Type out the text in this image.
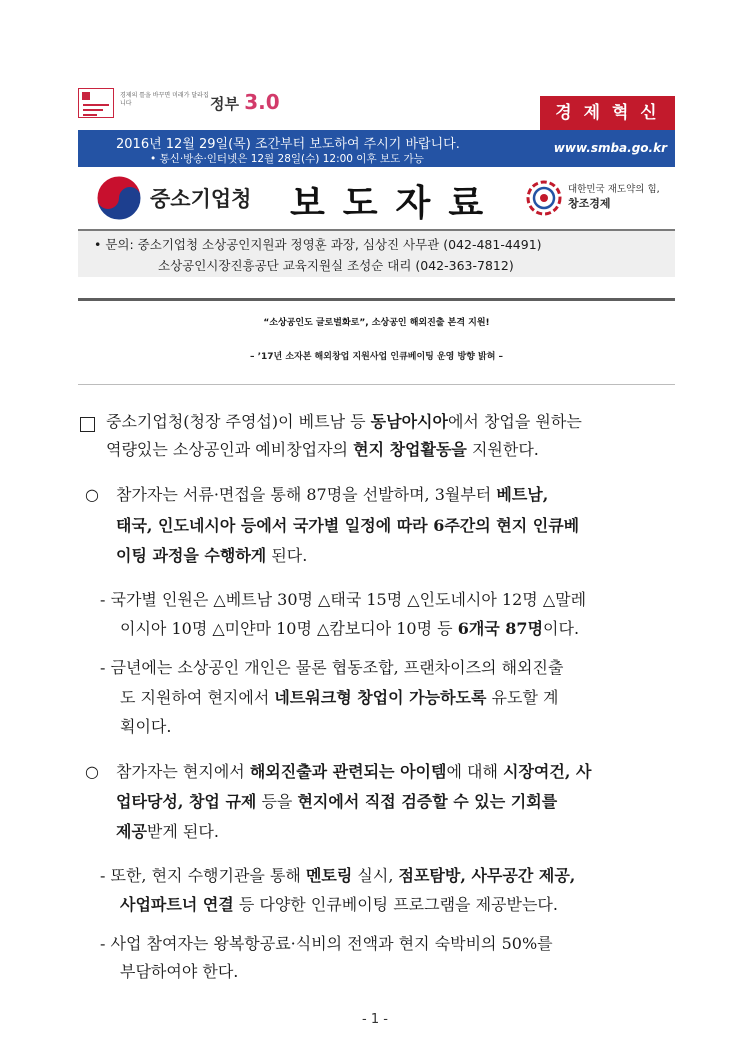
경제의 틀을 바꾸면 미래가 달라집니다	정부 3.0	경 제 혁 신
2016년 12월 29일(목) 조간부터 보도하여 주시기 바랍니다.
• 통신·방송·인터넷은 12월 28일(수) 12:00 이후 보도 가능
www.smba.go.kr
중소기업청 보도자료	대한민국 재도약의 힘,
창조경제
• 문의: 중소기업청 소상공인지원과 정영훈 과장, 심상진 사무관 (042-481-4491)
소상공인시장진흥공단 교육지원실 조성순 대리 (042-363-7812)
“소상공인도 글로벌화로”, 소상공인 해외진출 본격 지원!
– ’17년 소자본 해외창업 지원사업 인큐베이팅 운영 방향 밝혀 –
중소기업청(청장 주영섭)이 베트남 등 동남아시아에서 창업을 원하는
역량있는 소상공인과 예비창업자의 현지 창업활동을 지원한다.
○ 참가자는 서류·면접을 통해 87명을 선발하며, 3월부터 베트남,
태국, 인도네시아 등에서 국가별 일정에 따라 6주간의 현지 인큐베
이팅 과정을 수행하게 된다.
- 국가별 인원은 △베트남 30명 △태국 15명 △인도네시아 12명 △말레
이시아 10명 △미얀마 10명 △캄보디아 10명 등 6개국 87명이다.
- 금년에는 소상공인 개인은 물론 협동조합, 프랜차이즈의 해외진출
도 지원하여 현지에서 네트워크형 창업이 가능하도록 유도할 계
획이다.
○ 참가자는 현지에서 해외진출과 관련되는 아이템에 대해 시장여건, 사
업타당성, 창업 규제 등을 현지에서 직접 검증할 수 있는 기회를
제공받게 된다.
- 또한, 현지 수행기관을 통해 멘토링 실시, 점포탐방, 사무공간 제공,
사업파트너 연결 등 다양한 인큐베이팅 프로그램을 제공받는다.
- 사업 참여자는 왕복항공료·식비의 전액과 현지 숙박비의 50%를
부담하여야 한다.
- 1 -
